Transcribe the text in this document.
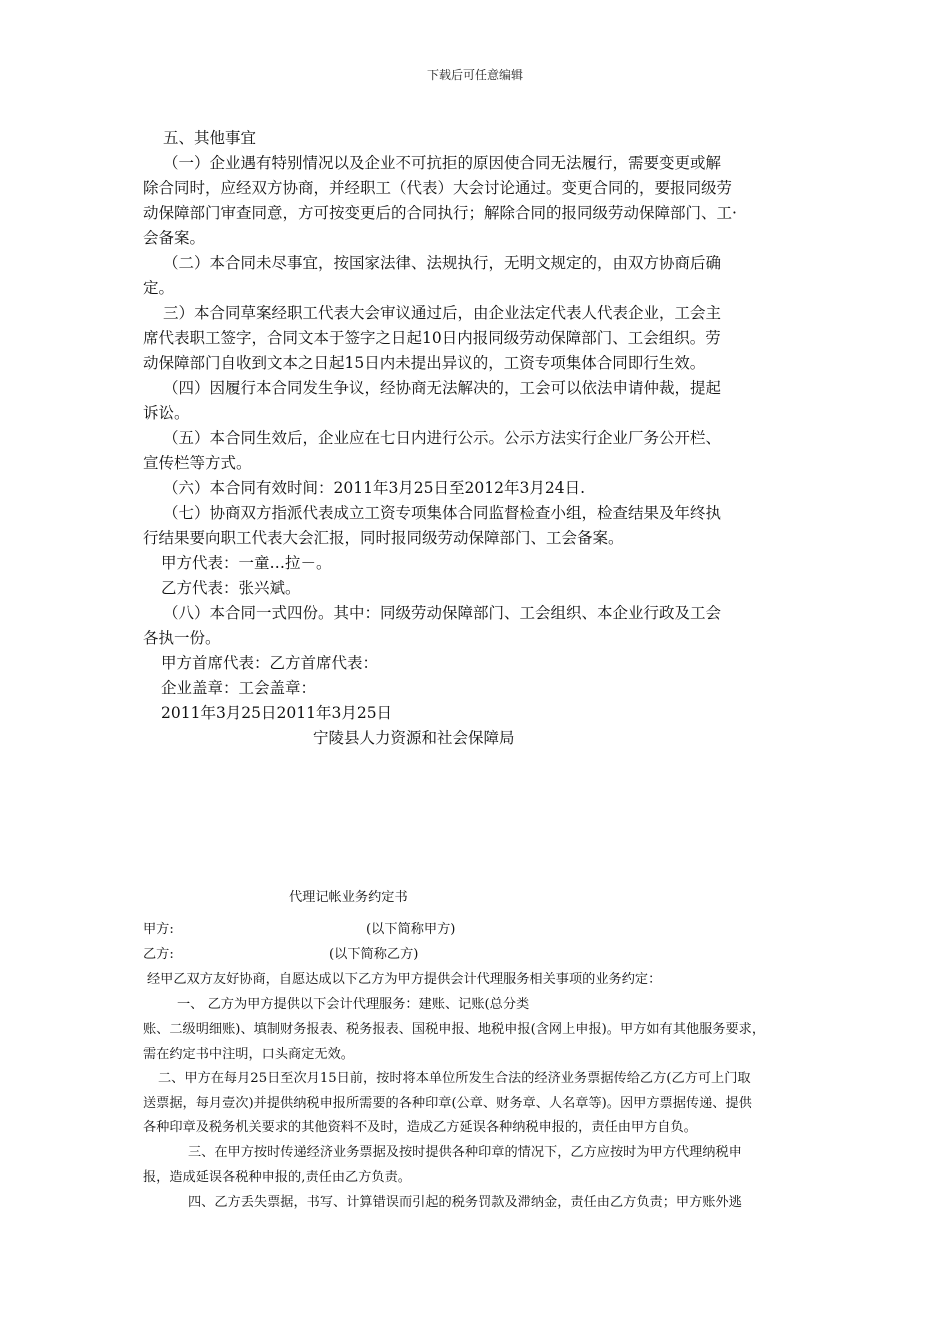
下载后可任意编辑
五、其他事宜
（一）企业遇有特别情况以及企业不可抗拒的原因使合同无法履行，需要变更或解
除合同时，应经双方协商，并经职工（代表）大会讨论通过。变更合同的，要报同级劳
动保障部门审查同意，方可按变更后的合同执行；解除合同的报同级劳动保障部门、工·
会备案。
（二）本合同未尽事宜，按国家法律、法规执行，无明文规定的，由双方协商后确
定。
三）本合同草案经职工代表大会审议通过后，由企业法定代表人代表企业，工会主
席代表职工签字，合同文本于签字之日起10日内报同级劳动保障部门、工会组织。劳
动保障部门自收到文本之日起15日内未提出异议的，工资专项集体合同即行生效。
（四）因履行本合同发生争议，经协商无法解决的，工会可以依法申请仲裁，提起
诉讼。
（五）本合同生效后，企业应在七日内进行公示。公示方法实行企业厂务公开栏、
宣传栏等方式。
（六）本合同有效时间：2011年3月25日至2012年3月24日.
（七）协商双方指派代表成立工资专项集体合同监督检查小组，检查结果及年终执
行结果要向职工代表大会汇报，同时报同级劳动保障部门、工会备案。
甲方代表：一童…拉－。
乙方代表：张兴斌。
（八）本合同一式四份。其中：同级劳动保障部门、工会组织、本企业行政及工会
各执一份。
甲方首席代表：乙方首席代表：
企业盖章：工会盖章：
2011年3月25日2011年3月25日
宁陵县人力资源和社会保障局
代理记帐业务约定书
甲方:	(以下简称甲方)
乙方:	(以下简称乙方)
经甲乙双方友好协商，自愿达成以下乙方为甲方提供会计代理服务相关事项的业务约定：
一、 乙方为甲方提供以下会计代理服务：建账、记账(总分类
账、二级明细账)、填制财务报表、税务报表、国税申报、地税申报(含网上申报)。甲方如有其他服务要求，
需在约定书中注明，口头商定无效。
二、甲方在每月25日至次月15日前，按时将本单位所发生合法的经济业务票据传给乙方(乙方可上门取
送票据，每月壹次)并提供纳税申报所需要的各种印章(公章、财务章、人名章等)。因甲方票据传递、提供
各种印章及税务机关要求的其他资料不及时，造成乙方延误各种纳税申报的，责任由甲方自负。
三、在甲方按时传递经济业务票据及按时提供各种印章的情况下，乙方应按时为甲方代理纳税申
报，造成延误各税种申报的,责任由乙方负责。
四、乙方丢失票据，书写、计算错误而引起的税务罚款及滞纳金，责任由乙方负责；甲方账外逃
